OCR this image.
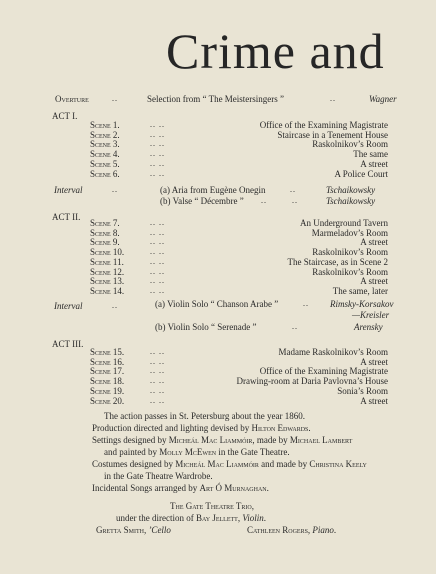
Crime and
Overture	..	Selection from “ The Meistersingers ”	..	Wagner
ACT I.
Scene 1.	.. ..	Office of the Examining Magistrate
Scene 2.	.. ..	Staircase in a Tenement House
Scene 3.	.. ..	Raskolnikov’s Room
Scene 4.	.. ..	The same
Scene 5.	.. ..	A street
Scene 6.	.. ..	A Police Court
Interval	..	(a) Aria from Eugène Onegin	..	Tschaikowsky
(b) Valse “ Décembre ” ..	..	Tschaikowsky
ACT II.
Scene 7.	.. ..	An Underground Tavern
Scene 8.	.. ..	Marmeladov’s Room
Scene 9.	.. ..	A street
Scene 10.	.. ..	Raskolnikov’s Room
Scene 11.	.. ..	The Staircase, as in Scene 2
Scene 12.	.. ..	Raskolnikov’s Room
Scene 13.	.. ..	A street
Scene 14.	.. ..	The same, later
Interval	..	(a) Violin Solo “ Chanson Arabe ”	.. Rimsky-Korsakov
—Kreisler
(b) Violin Solo “ Serenade ”	..	Arensky
ACT III.
Scene 15.	.. ..	Madame Raskolnikov’s Room
Scene 16.	.. ..	A street
Scene 17.	.. ..	Office of the Examining Magistrate
Scene 18.	.. ..	Drawing-room at Daria Pavlovna’s House
Scene 19.	.. ..	Sonia’s Room
Scene 20.	.. ..	A street
The action passes in St. Petersburg about the year 1860.
Production directed and lighting devised by Hilton Edwards.
Settings designed by Micheál Mac Liammóir, made by Michael Lambert
and painted by Molly McEwen in the Gate Theatre.
Costumes designed by Micheál Mac Liammóir and made by Christina Keely
in the Gate Theatre Wardrobe.
Incidental Songs arranged by Art Ó Murnaghan.
The Gate Theatre Trio,
under the direction of Bay Jellett, Violin.
Gretta Smith, ’Cello	Cathleen Rogers, Piano.
